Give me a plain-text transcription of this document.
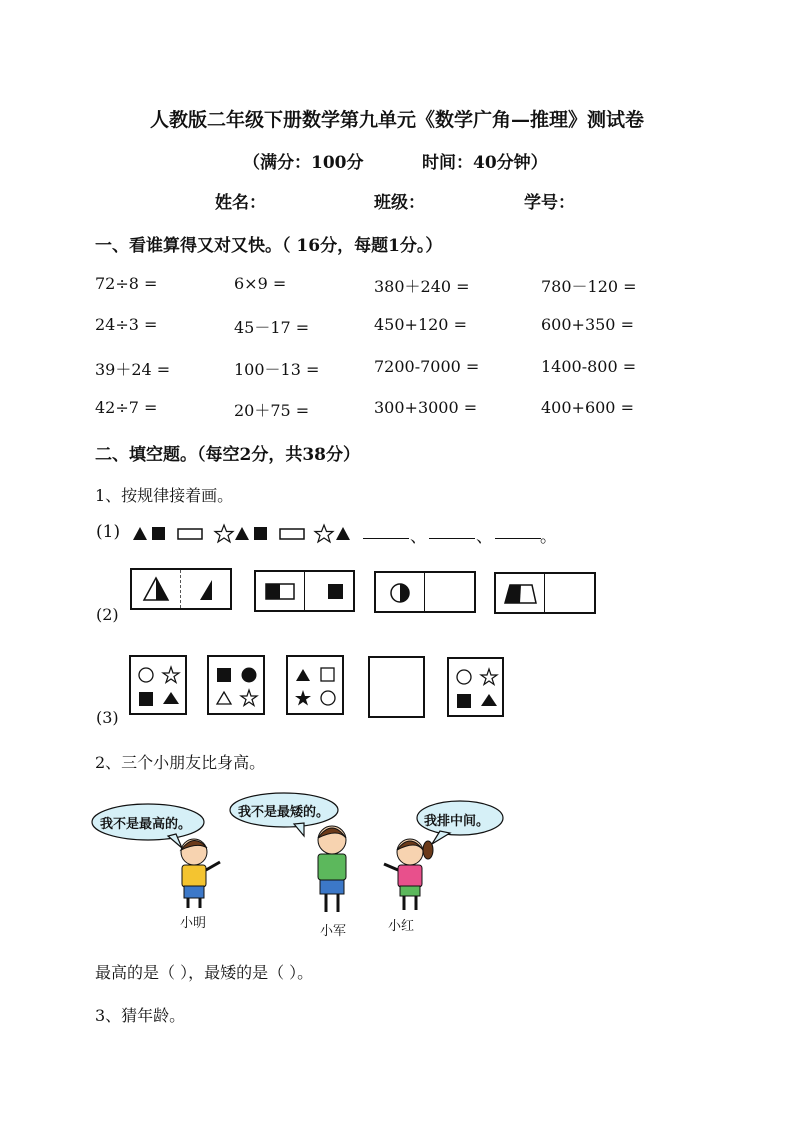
人教版二年级下册数学第九单元《数学广角—推理》测试卷
（满分：100分	时间：40分钟）
姓名：	班级：	学号：
一、看谁算得又对又快。（ 16分，每题1分。）
72÷8 =	6×9 =	380＋240 =	780－120 =
24÷3 =	45－17 =	450+120 =	600+350 =
39＋24 =	100－13 =	7200-7000 =	1400-800 =
42÷7 =	20＋75 =	300+3000 =	400+600 =
二、填空题。（每空2分，共38分）
1、按规律接着画。
(1)	、	、	。
(2)
(3)
2、三个小朋友比身高。
我不是最高的。
我不是最矮的。
我排中间。
小明
小军	小红
最高的是（ ），最矮的是（ ）。
3、猜年龄。
